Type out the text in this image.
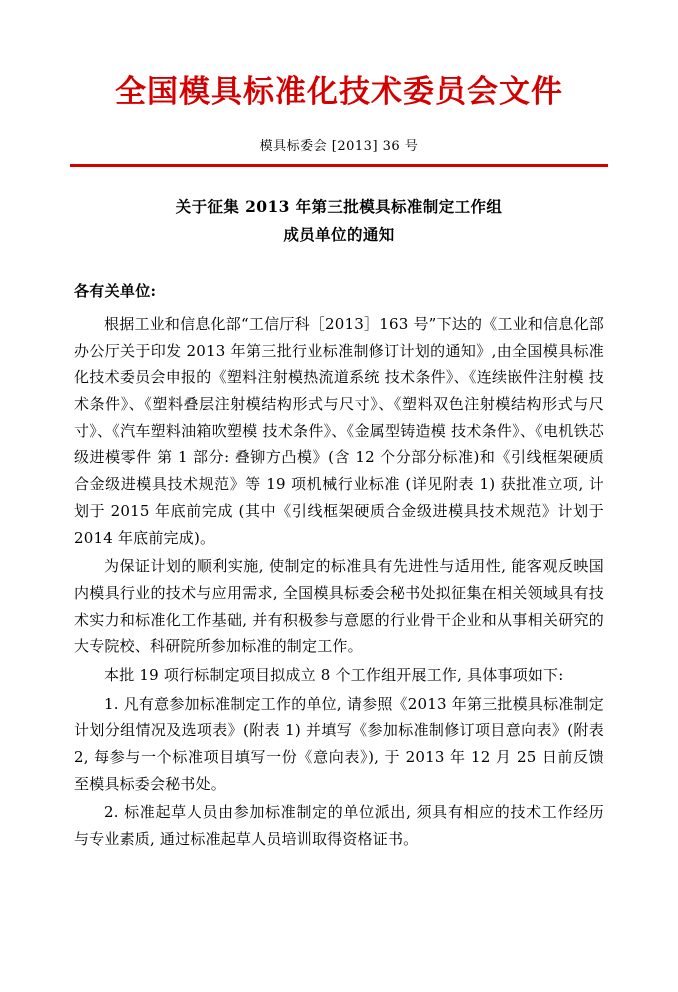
全国模具标准化技术委员会文件
模具标委会 [2013] 36 号
关于征集 2013 年第三批模具标准制定工作组
成员单位的通知
各有关单位:

根据工业和信息化部“工信厅科［2013］163 号”下达的《工业和信息化部办公厅关于印发 2013 年第三批行业标准制修订计划的通知》,由全国模具标准化技术委员会申报的《塑料注射模热流道系统 技术条件》、《连续嵌件注射模 技术条件》、《塑料叠层注射模结构形式与尺寸》、《塑料双色注射模结构形式与尺寸》、《汽车塑料油箱吹塑模 技术条件》、《金属型铸造模 技术条件》、《电机铁芯级进模零件 第 1 部分: 叠铆方凸模》(含 12 个分部分标准)和《引线框架硬质合金级进模具技术规范》等 19 项机械行业标准 (详见附表 1) 获批准立项, 计划于 2015 年底前完成 (其中《引线框架硬质合金级进模具技术规范》计划于 2014 年底前完成)。

为保证计划的顺利实施, 使制定的标准具有先进性与适用性, 能客观反映国内模具行业的技术与应用需求, 全国模具标委会秘书处拟征集在相关领域具有技术实力和标准化工作基础, 并有积极参与意愿的行业骨干企业和从事相关研究的大专院校、科研院所参加标准的制定工作。

本批 19 项行标制定项目拟成立 8 个工作组开展工作, 具体事项如下:

1. 凡有意参加标准制定工作的单位, 请参照《2013 年第三批模具标准制定计划分组情况及选项表》(附表 1) 并填写《参加标准制修订项目意向表》(附表 2, 每参与一个标准项目填写一份《意向表》), 于 2013 年 12 月 25 日前反馈至模具标委会秘书处。

2. 标准起草人员由参加标准制定的单位派出, 须具有相应的技术工作经历与专业素质, 通过标准起草人员培训取得资格证书。
